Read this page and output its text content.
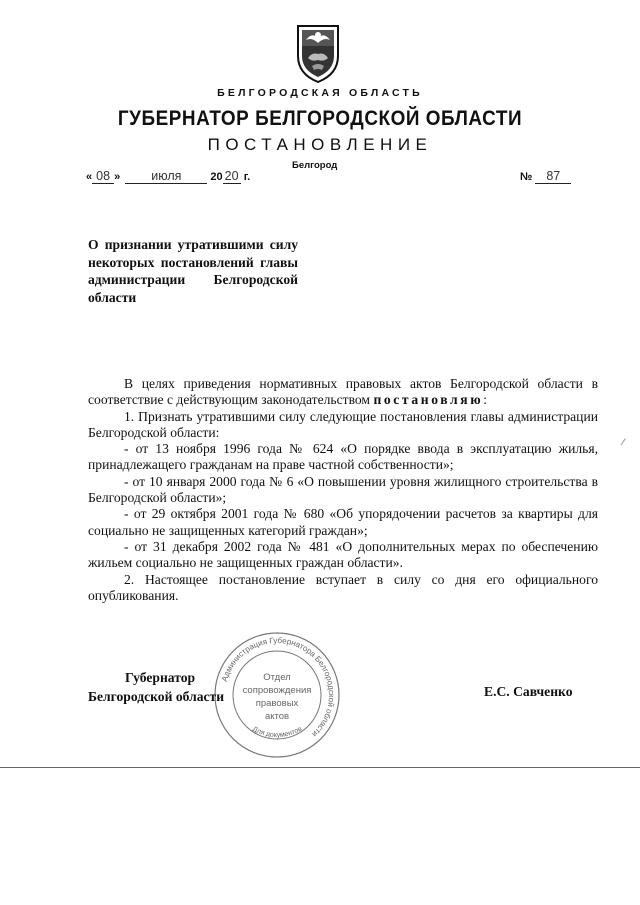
БЕЛГОРОДСКАЯ ОБЛАСТЬ
ГУБЕРНАТОР БЕЛГОРОДСКОЙ ОБЛАСТИ
ПОСТАНОВЛЕНИЕ
Белгород
« 08 » июля	20 20 г.	№ 87
О признании утратившими силу некоторых постановлений главы администрации Белгородской области

В целях приведения нормативных правовых актов Белгородской области в соответствие с действующим законодательством постановляю:

1. Признать утратившими силу следующие постановления главы администрации Белгородской области:

- от 13 ноября 1996 года № 624 «О порядке ввода в эксплуатацию жилья, принадлежащего гражданам на праве частной собственности»;

- от 10 января 2000 года № 6 «О повышении уровня жилищного строительства в Белгородской области»;

- от 29 октября 2001 года № 680 «Об упорядочении расчетов за квартиры для социально не защищенных категорий граждан»;

- от 31 декабря 2002 года № 481 «О дополнительных мерах по обеспечению жильем социально не защищенных граждан области».

2. Настоящее постановление вступает в силу со дня его официального опубликования.

Администрация Губернатора Белгородской области
Для документов
Отдел
сопровождения
правовых
актов
Губернатор
Белгородской области	Е.С. Савченко
